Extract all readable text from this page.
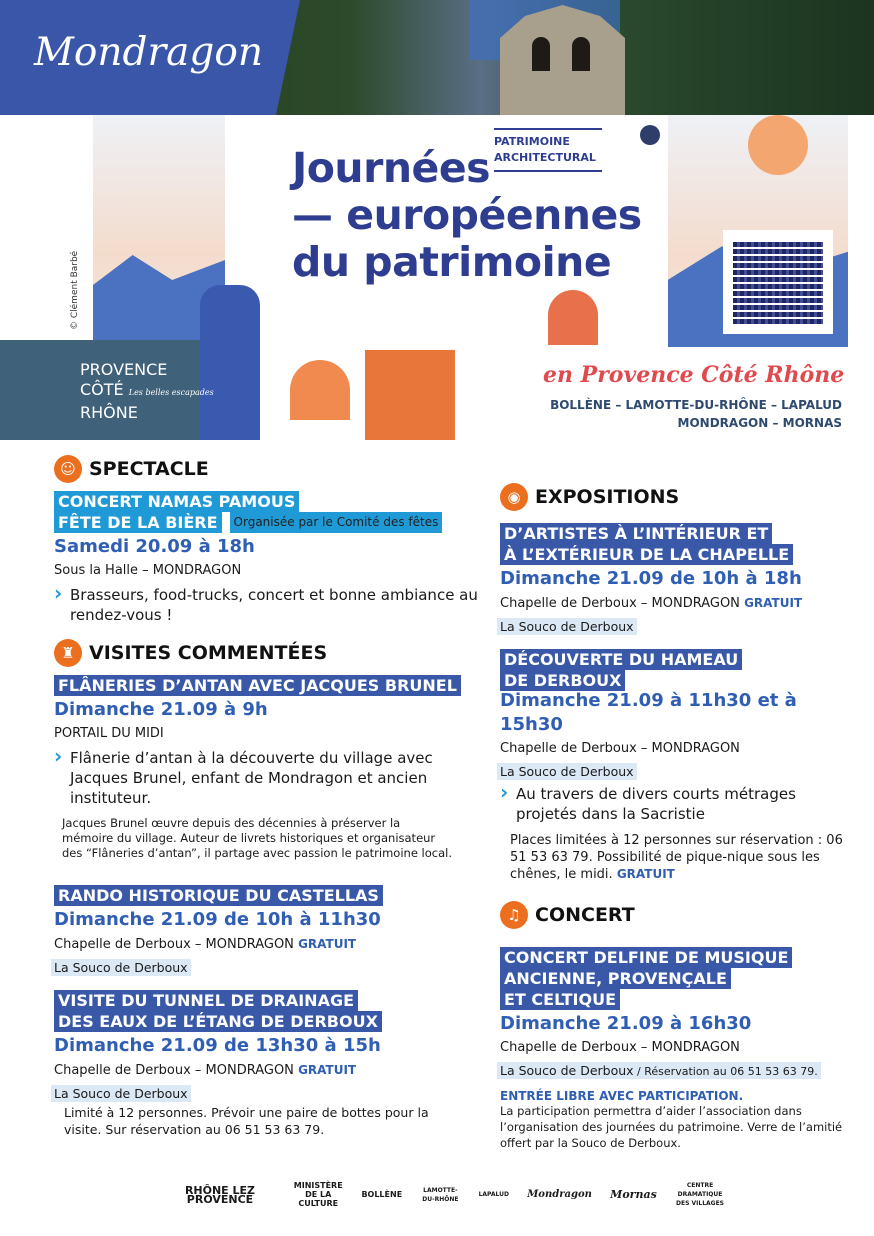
Mondragon
PATRIMOINE
ARCHITECTURAL
Journées
— européennes
du patrimoine
© Clément Barbé
PROVENCE
CÔTÉ Les belles escapades
RHÔNE
en Provence Côté Rhône
BOLLÈNE – LAMOTTE-DU-RHÔNE – LAPALUD
MONDRAGON – MORNAS
☺ SPECTACLE
CONCERT NAMAS PAMOUS
FÊTE DE LA BIÈRE Organisée par le Comité des fêtes
Samedi 20.09 à 18h
Sous la Halle – MONDRAGON
› Brasseurs, food-trucks, concert et bonne ambiance au rendez-vous !
♜ VISITES COMMENTÉES
FLÂNERIES D’ANTAN AVEC JACQUES BRUNEL
Dimanche 21.09 à 9h
PORTAIL DU MIDI
› Flânerie d’antan à la découverte du village avec Jacques Brunel, enfant de Mondragon et ancien instituteur.
Jacques Brunel œuvre depuis des décennies à préserver la mémoire du village. Auteur de livrets historiques et organisateur des “Flâneries d’antan”, il partage avec passion le patrimoine local.
RANDO HISTORIQUE DU CASTELLAS
Dimanche 21.09 de 10h à 11h30
Chapelle de Derboux – MONDRAGON GRATUIT
La Souco de Derboux
VISITE DU TUNNEL DE DRAINAGE
DES EAUX DE L’ÉTANG DE DERBOUX
Dimanche 21.09 de 13h30 à 15h
Chapelle de Derboux – MONDRAGON GRATUIT
La Souco de Derboux
Limité à 12 personnes. Prévoir une paire de bottes pour la visite. Sur réservation au 06 51 53 63 79.
◉ EXPOSITIONS
D’ARTISTES À L’INTÉRIEUR ET
À L’EXTÉRIEUR DE LA CHAPELLE
Dimanche 21.09 de 10h à 18h
Chapelle de Derboux – MONDRAGON GRATUIT
La Souco de Derboux
DÉCOUVERTE DU HAMEAU
DE DERBOUX
Dimanche 21.09 à 11h30 et à 15h30
Chapelle de Derboux – MONDRAGON
La Souco de Derboux
› Au travers de divers courts métrages projetés dans la Sacristie
Places limitées à 12 personnes sur réservation : 06 51 53 63 79. Possibilité de pique-nique sous les chênes, le midi. GRATUIT
♫ CONCERT
CONCERT DELFINE DE MUSIQUE
ANCIENNE, PROVENÇALE
ET CELTIQUE
Dimanche 21.09 à 16h30
Chapelle de Derboux – MONDRAGON
La Souco de Derboux / Réservation au 06 51 53 63 79.
ENTRÉE LIBRE AVEC PARTICIPATION.
La participation permettra d’aider l’association dans l’organisation des journées du patrimoine. Verre de l’amitié offert par la Souco de Derboux.
RHÔNE LEZ PROVENCE
MINISTÈRE DE LA CULTURE
BOLLÈNE	LAMOTTE-DU-RHÔNE
LAPALUD Mondragon Mornas
CENTRE DRAMATIQUE DES VILLAGES
